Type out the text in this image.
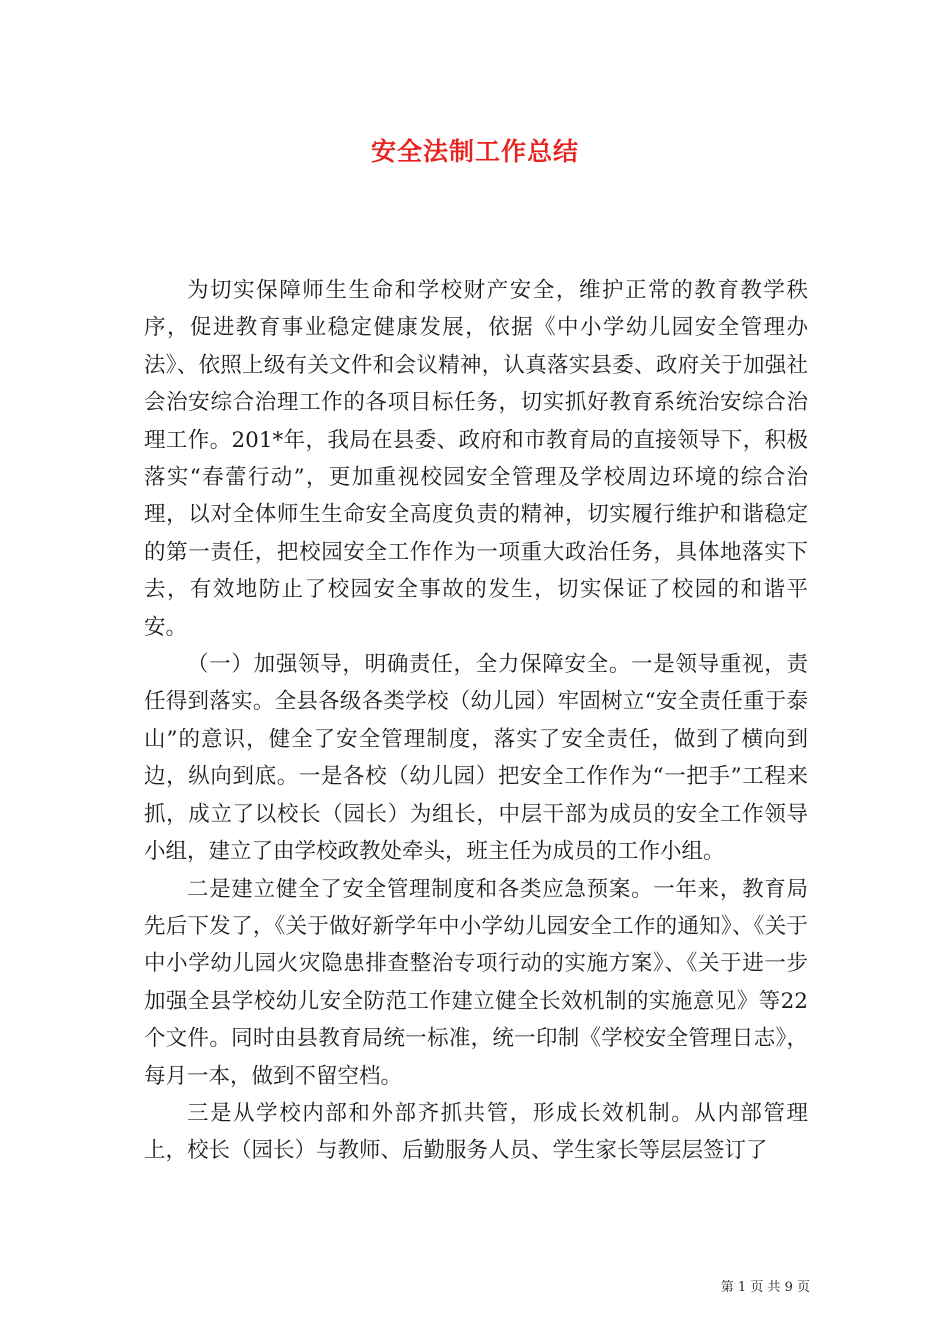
安全法制工作总结

为切实保障师生生命和学校财产安全，维护正常的教育教学秩序，促进教育事业稳定健康发展，依据《中小学幼儿园安全管理办法》、依照上级有关文件和会议精神，认真落实县委、政府关于加强社会治安综合治理工作的各项目标任务，切实抓好教育系统治安综合治理工作。201*年，我局在县委、政府和市教育局的直接领导下，积极落实“春蕾行动”，更加重视校园安全管理及学校周边环境的综合治理，以对全体师生生命安全高度负责的精神，切实履行维护和谐稳定的第一责任，把校园安全工作作为一项重大政治任务，具体地落实下去，有效地防止了校园安全事故的发生，切实保证了校园的和谐平安。

（一）加强领导，明确责任，全力保障安全。一是领导重视，责任得到落实。全县各级各类学校（幼儿园）牢固树立“安全责任重于泰山”的意识，健全了安全管理制度，落实了安全责任，做到了横向到边，纵向到底。一是各校（幼儿园）把安全工作作为“一把手”工程来抓，成立了以校长（园长）为组长，中层干部为成员的安全工作领导小组，建立了由学校政教处牵头，班主任为成员的工作小组。

二是建立健全了安全管理制度和各类应急预案。一年来，教育局先后下发了，《关于做好新学年中小学幼儿园安全工作的通知》、《关于中小学幼儿园火灾隐患排查整治专项行动的实施方案》、《关于进一步加强全县学校幼儿安全防范工作建立健全长效机制的实施意见》等22个文件。同时由县教育局统一标准，统一印制《学校安全管理日志》，每月一本，做到不留空档。

三是从学校内部和外部齐抓共管，形成长效机制。从内部管理上，校长（园长）与教师、后勤服务人员、学生家长等层层签订了

第 1 页 共 9 页
